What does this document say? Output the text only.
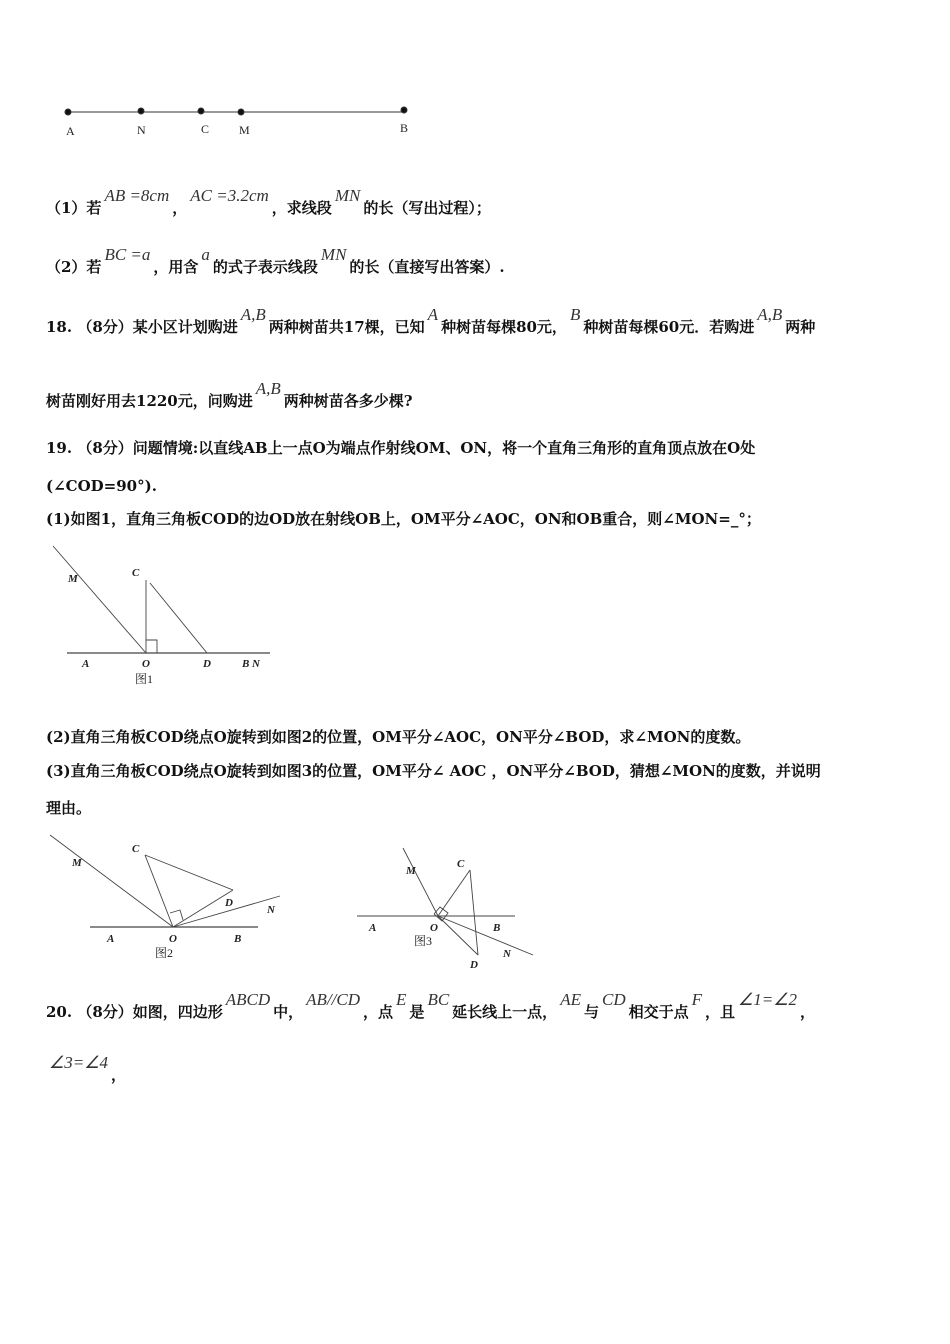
A	N	C M	B
M	C
A	O	D	B N
图1
M
C
D
N
A	O	B
图2
M
C
A	O	B
D
N
图3
（1）若AB =8cm，AC =3.2cm，求线段MN的长（写出过程）；
（2）若BC =a，用含a的式子表示线段MN的长（直接写出答案）.
18. （8分）某小区计划购进A,B两种树苗共17棵，已知A种树苗每棵80元，B种树苗每棵60元．若购进A,B两种
树苗刚好用去1220元，问购进A,B两种树苗各多少棵?
19. （8分）问题情境:以直线AB上一点O为端点作射线OM、ON，将一个直角三角形的直角顶点放在O处
(∠COD=90°).
(1)如图1，直角三角板COD的边OD放在射线OB上，OM平分∠AOC，ON和OB重合，则∠MON=_°；
(2)直角三角板COD绕点O旋转到如图2的位置，OM平分∠AOC，ON平分∠BOD，求∠MON的度数。
(3)直角三角板COD绕点O旋转到如图3的位置，OM平分∠ AOC ，ON平分∠BOD，猜想∠MON的度数，并说明
理由。
20. （8分）如图，四边形ABCD中，AB//CD，点E是BC延长线上一点，AE与CD相交于点F，且∠1=∠2，
∠3=∠4，
